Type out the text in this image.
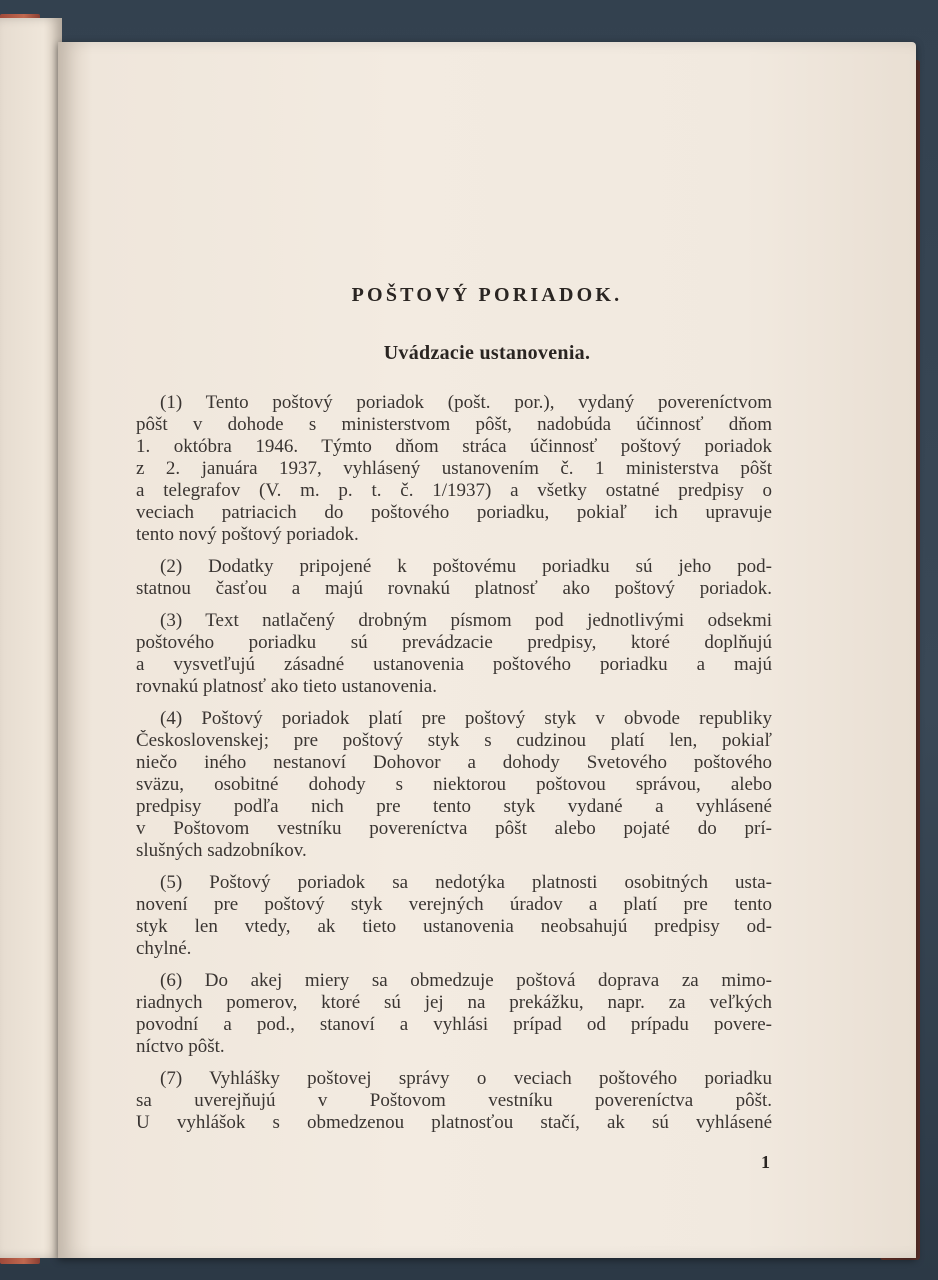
POŠTOVÝ PORIADOK.
Uvádzacie ustanovenia.
(1) Tento poštový poriadok (pošt. por.), vydaný povereníctvom
pôšt v dohode s ministerstvom pôšt, nadobúda účinnosť dňom
1. októbra 1946. Týmto dňom stráca účinnosť poštový poriadok
z 2. januára 1937, vyhlásený ustanovením č. 1 ministerstva pôšt
a telegrafov (V. m. p. t. č. 1/1937) a všetky ostatné predpisy o
veciach patriacich do poštového poriadku, pokiaľ ich upravuje
tento nový poštový poriadok.
(2) Dodatky pripojené k poštovému poriadku sú jeho pod-
statnou časťou a majú rovnakú platnosť ako poštový poriadok.
(3) Text natlačený drobným písmom pod jednotlivými odsekmi
poštového poriadku sú prevádzacie predpisy, ktoré doplňujú
a vysvetľujú zásadné ustanovenia poštového poriadku a majú
rovnakú platnosť ako tieto ustanovenia.
(4) Poštový poriadok platí pre poštový styk v obvode republiky
Československej; pre poštový styk s cudzinou platí len, pokiaľ
niečo iného nestanoví Dohovor a dohody Svetového poštového
sväzu, osobitné dohody s niektorou poštovou správou, alebo
predpisy podľa nich pre tento styk vydané a vyhlásené
v Poštovom vestníku povereníctva pôšt alebo pojaté do prí-
slušných sadzobníkov.
(5) Poštový poriadok sa nedotýka platnosti osobitných usta-
novení pre poštový styk verejných úradov a platí pre tento
styk len vtedy, ak tieto ustanovenia neobsahujú predpisy od-
chylné.
(6) Do akej miery sa obmedzuje poštová doprava za mimo-
riadnych pomerov, ktoré sú jej na prekážku, napr. za veľkých
povodní a pod., stanoví a vyhlási prípad od prípadu povere-
níctvo pôšt.
(7) Vyhlášky poštovej správy o veciach poštového poriadku
sa uverejňujú v Poštovom vestníku povereníctva pôšt.
U vyhlášok s obmedzenou platnosťou stačí, ak sú vyhlásené
1
